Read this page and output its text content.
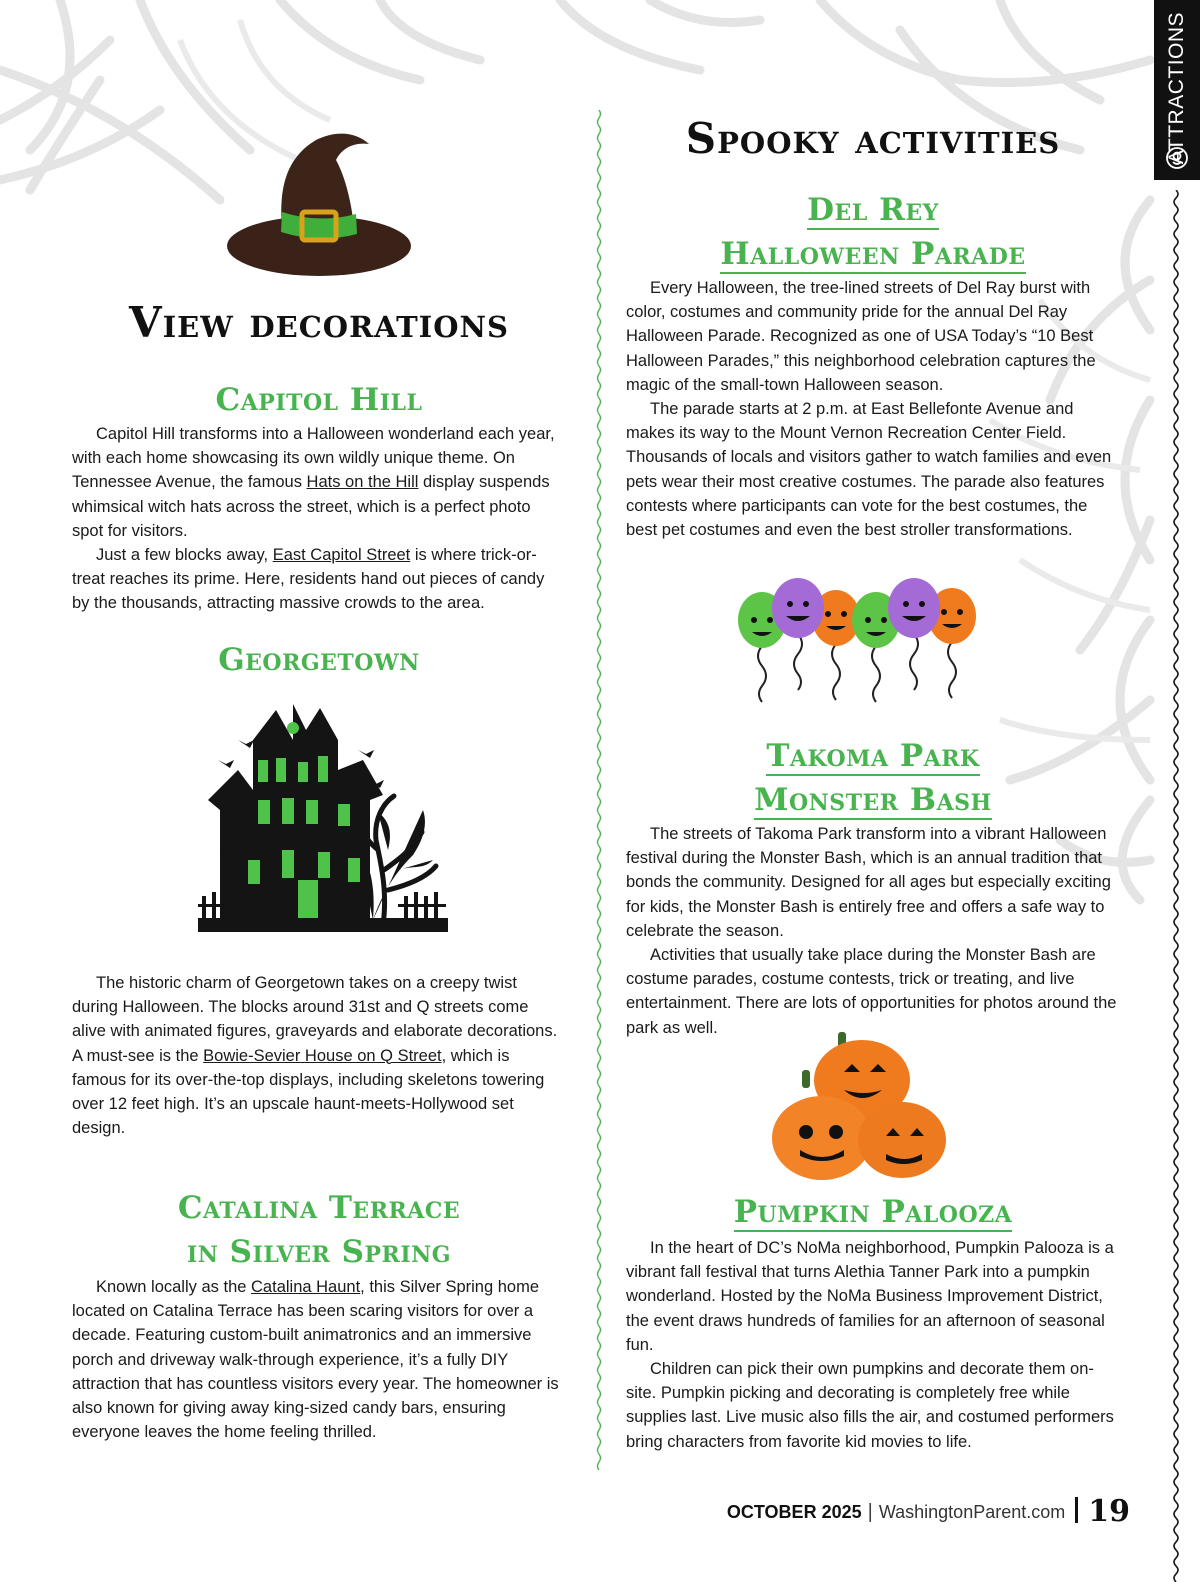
ATTRACTIONS
View decorations
Capitol Hill

Capitol Hill transforms into a Halloween wonderland each year, with each home showcasing its own wildly unique theme. On Tennessee Avenue, the famous Hats on the Hill display suspends whimsical witch hats across the street, which is a perfect photo spot for visitors.

Just a few blocks away, East Capitol Street is where trick-or-treat reaches its prime. Here, residents hand out pieces of candy by the thousands, attracting massive crowds to the area.

Georgetown

The historic charm of Georgetown takes on a creepy twist during Halloween. The blocks around 31st and Q streets come alive with animated figures, graveyards and elaborate decorations. A must-see is the Bowie-Sevier House on Q Street, which is famous for its over-the-top displays, including skeletons towering over 12 feet high. It’s an upscale haunt-meets-Hollywood set design.

Catalina Terrace
in Silver Spring

Known locally as the Catalina Haunt, this Silver Spring home located on Catalina Terrace has been scaring visitors for over a decade. Featuring custom-built animatronics and an immersive porch and driveway walk-through experience, it’s a fully DIY attraction that has countless visitors every year. The homeowner is also known for giving away king-sized candy bars, ensuring everyone leaves the home feeling thrilled.

Spooky activities
Del Rey
Halloween Parade

Every Halloween, the tree-lined streets of Del Ray burst with color, costumes and community pride for the annual Del Ray Halloween Parade. Recognized as one of USA Today’s “10 Best Halloween Parades,” this neighborhood celebration captures the magic of the small-town Halloween season.

The parade starts at 2 p.m. at East Bellefonte Avenue and makes its way to the Mount Vernon Recreation Center Field. Thousands of locals and visitors gather to watch families and even pets wear their most creative costumes. The parade also features contests where participants can vote for the best costumes, the best pet costumes and even the best stroller transformations.

Takoma Park
Monster Bash

The streets of Takoma Park transform into a vibrant Halloween festival during the Monster Bash, which is an annual tradition that bonds the community. Designed for all ages but especially exciting for kids, the Monster Bash is entirely free and offers a safe way to celebrate the season.

Activities that usually take place during the Monster Bash are costume parades, costume contests, trick or treating, and live entertainment. There are lots of opportunities for photos around the park as well.

Pumpkin Palooza

In the heart of DC’s NoMa neighborhood, Pumpkin Palooza is a vibrant fall festival that turns Alethia Tanner Park into a pumpkin wonderland. Hosted by the NoMa Business Improvement District, the event draws hundreds of families for an afternoon of seasonal fun.

Children can pick their own pumpkins and decorate them on-site. Pumpkin picking and decorating is completely free while supplies last. Live music also fills the air, and costumed performers bring characters from favorite kid movies to life.

OCTOBER 2025 | WashingtonParent.com 19
